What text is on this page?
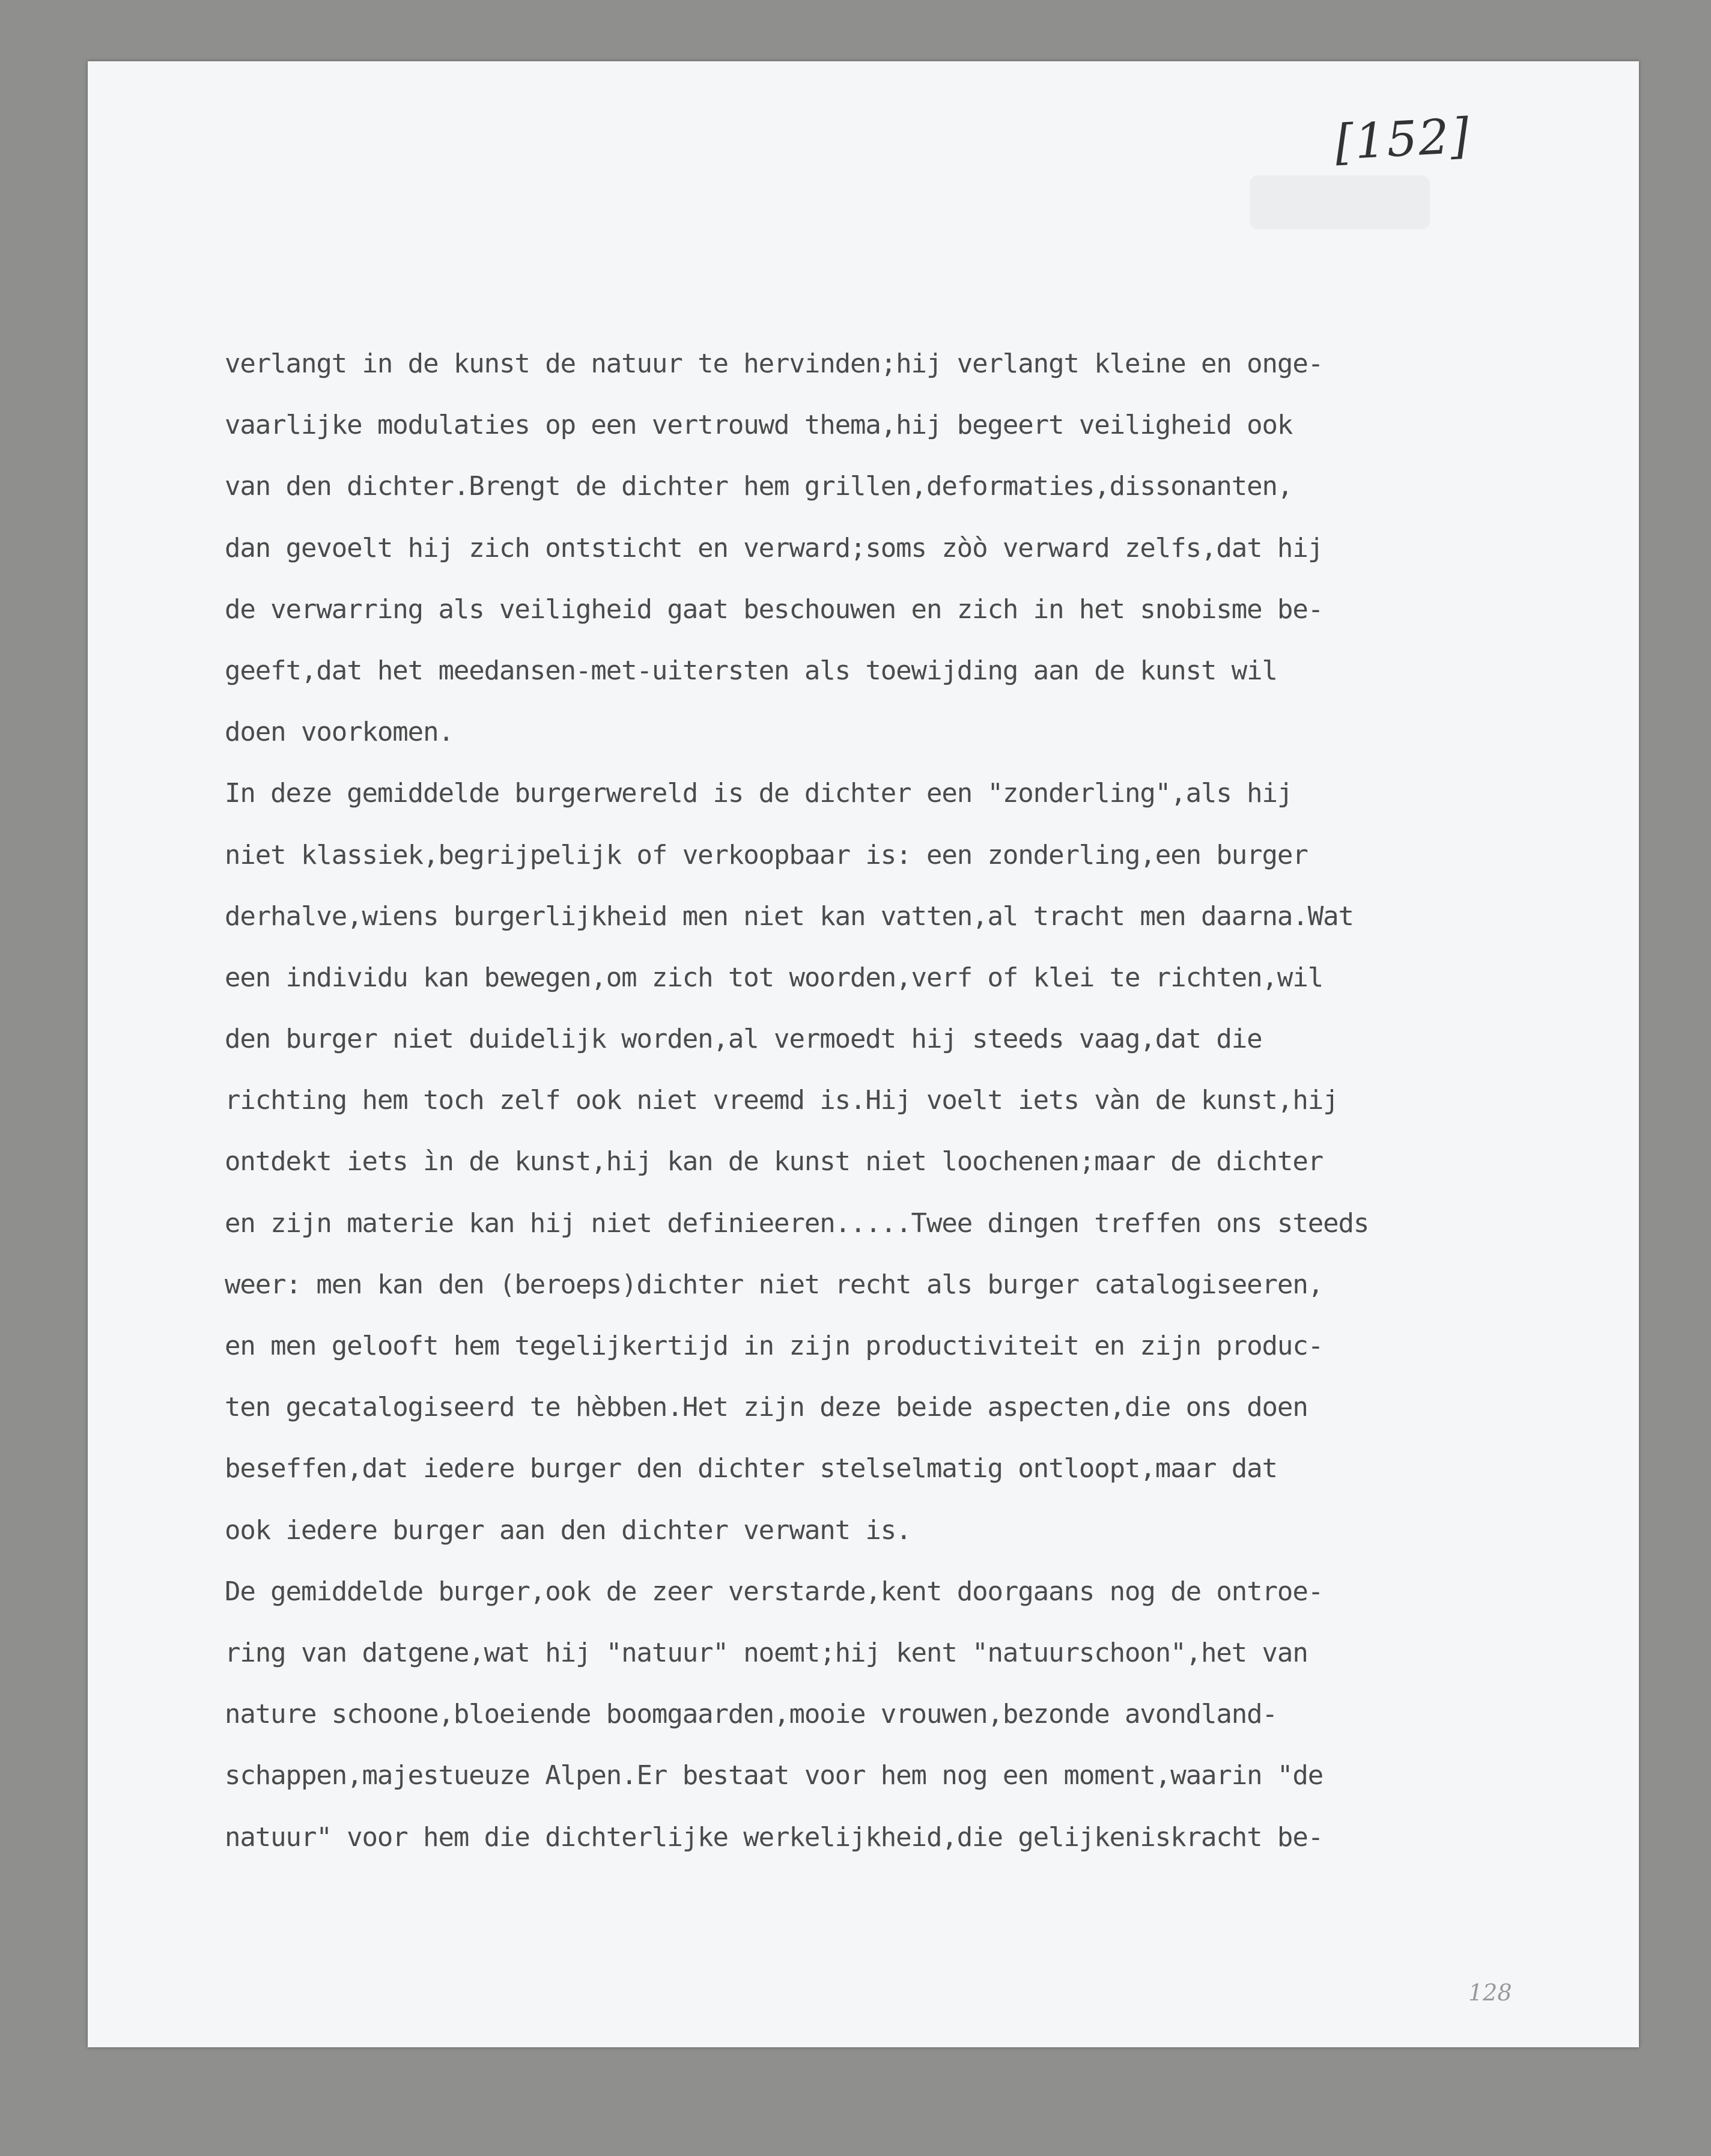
[152]
verlangt in de kunst de natuur te hervinden;hij verlangt kleine en onge-
vaarlijke modulaties op een vertrouwd thema,hij begeert veiligheid ook
van den dichter.Brengt de dichter hem grillen,deformaties,dissonanten,
dan gevoelt hij zich ontsticht en verward;soms zòò verward zelfs,dat hij
de verwarring als veiligheid gaat beschouwen en zich in het snobisme be-
geeft,dat het meedansen-met-uitersten als toewijding aan de kunst wil
doen voorkomen.
In deze gemiddelde burgerwereld is de dichter een "zonderling",als hij
niet klassiek,begrijpelijk of verkoopbaar is: een zonderling,een burger
derhalve,wiens burgerlijkheid men niet kan vatten,al tracht men daarna.Wat
een individu kan bewegen,om zich tot woorden,verf of klei te richten,wil
den burger niet duidelijk worden,al vermoedt hij steeds vaag,dat die
richting hem toch zelf ook niet vreemd is.Hij voelt iets vàn de kunst,hij
ontdekt iets ìn de kunst,hij kan de kunst niet loochenen;maar de dichter
en zijn materie kan hij niet definieeren.....Twee dingen treffen ons steeds
weer: men kan den (beroeps)dichter niet recht als burger catalogiseeren,
en men gelooft hem tegelijkertijd in zijn productiviteit en zijn produc-
ten gecatalogiseerd te hèbben.Het zijn deze beide aspecten,die ons doen
beseffen,dat iedere burger den dichter stelselmatig ontloopt,maar dat
ook iedere burger aan den dichter verwant is.
De gemiddelde burger,ook de zeer verstarde,kent doorgaans nog de ontroe-
ring van datgene,wat hij "natuur" noemt;hij kent "natuurschoon",het van
nature schoone,bloeiende boomgaarden,mooie vrouwen,bezonde avondland-
schappen,majestueuze Alpen.Er bestaat voor hem nog een moment,waarin "de
natuur" voor hem die dichterlijke werkelijkheid,die gelijkeniskracht be-
128
